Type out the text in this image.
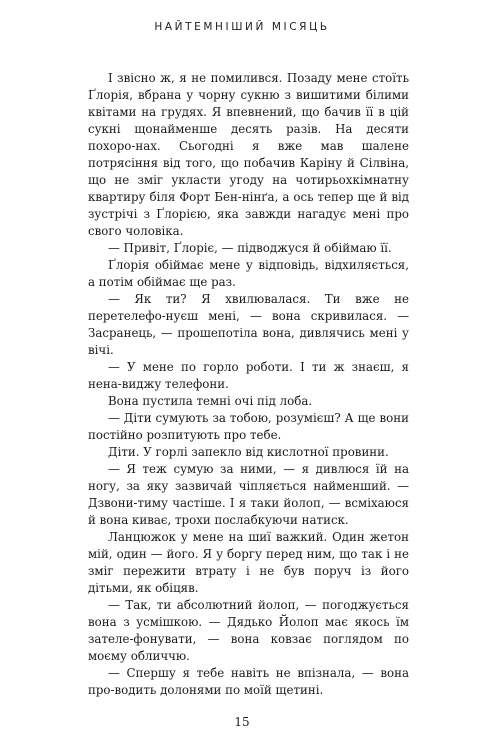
НАЙТЕМНІШИЙ МІСЯЦЬ

І звісно ж, я не помилився. Позаду мене стоїть Ґлорія, вбрана у чорну сукню з вишитими білими квітами на грудях. Я впевнений, що бачив її в цій сукні щонайменше десять разів. На десяти похоро-нах. Сьогодні я вже мав шалене потрясіння від того, що побачив Каріну й Сілвіна, що не зміг укласти угоду на чотирьохкімнатну квартиру біля Форт Бен-нінґа, а ось тепер ще й від зустрічі з Ґлорією, яка завжди нагадує мені про свого чоловіка.

— Привіт, Ґлоріє, — підводжуся й обіймаю її.

Ґлорія обіймає мене у відповідь, відхиляється, а потім обіймає ще раз.

— Як ти? Я хвилювалася. Ти вже не перетелефо-нуєш мені, — вона скривилася. — Засранець, — прошепотіла вона, дивлячись мені у вічі.

— У мене по горло роботи. І ти ж знаєш, я нена-виджу телефони.

Вона пустила темні очі під лоба.

— Діти сумують за тобою, розумієш? А ще вони постійно розпитують про тебе.

Діти. У горлі запекло від кислотної провини.

— Я теж сумую за ними, — я дивлюся їй на ногу, за яку зазвичай чіпляється найменший. — Дзвони-тиму частіше. І я таки йолоп, — всміхаюся й вона киває, трохи послабкуючи натиск.

Ланцюжок у мене на шиї важкий. Один жетон мій, один — його. Я у боргу перед ним, що так і не зміг пережити втрату і не був поруч із його дітьми, як обіцяв.

— Так, ти абсолютний йолоп, — погоджується вона з усмішкою. — Дядько Йолоп має якось їм зателе-фонувати, — вона ковзає поглядом по моєму обличчю.

— Спершу я тебе навіть не впізнала, — вона про-водить долонями по моїй щетині.

15
